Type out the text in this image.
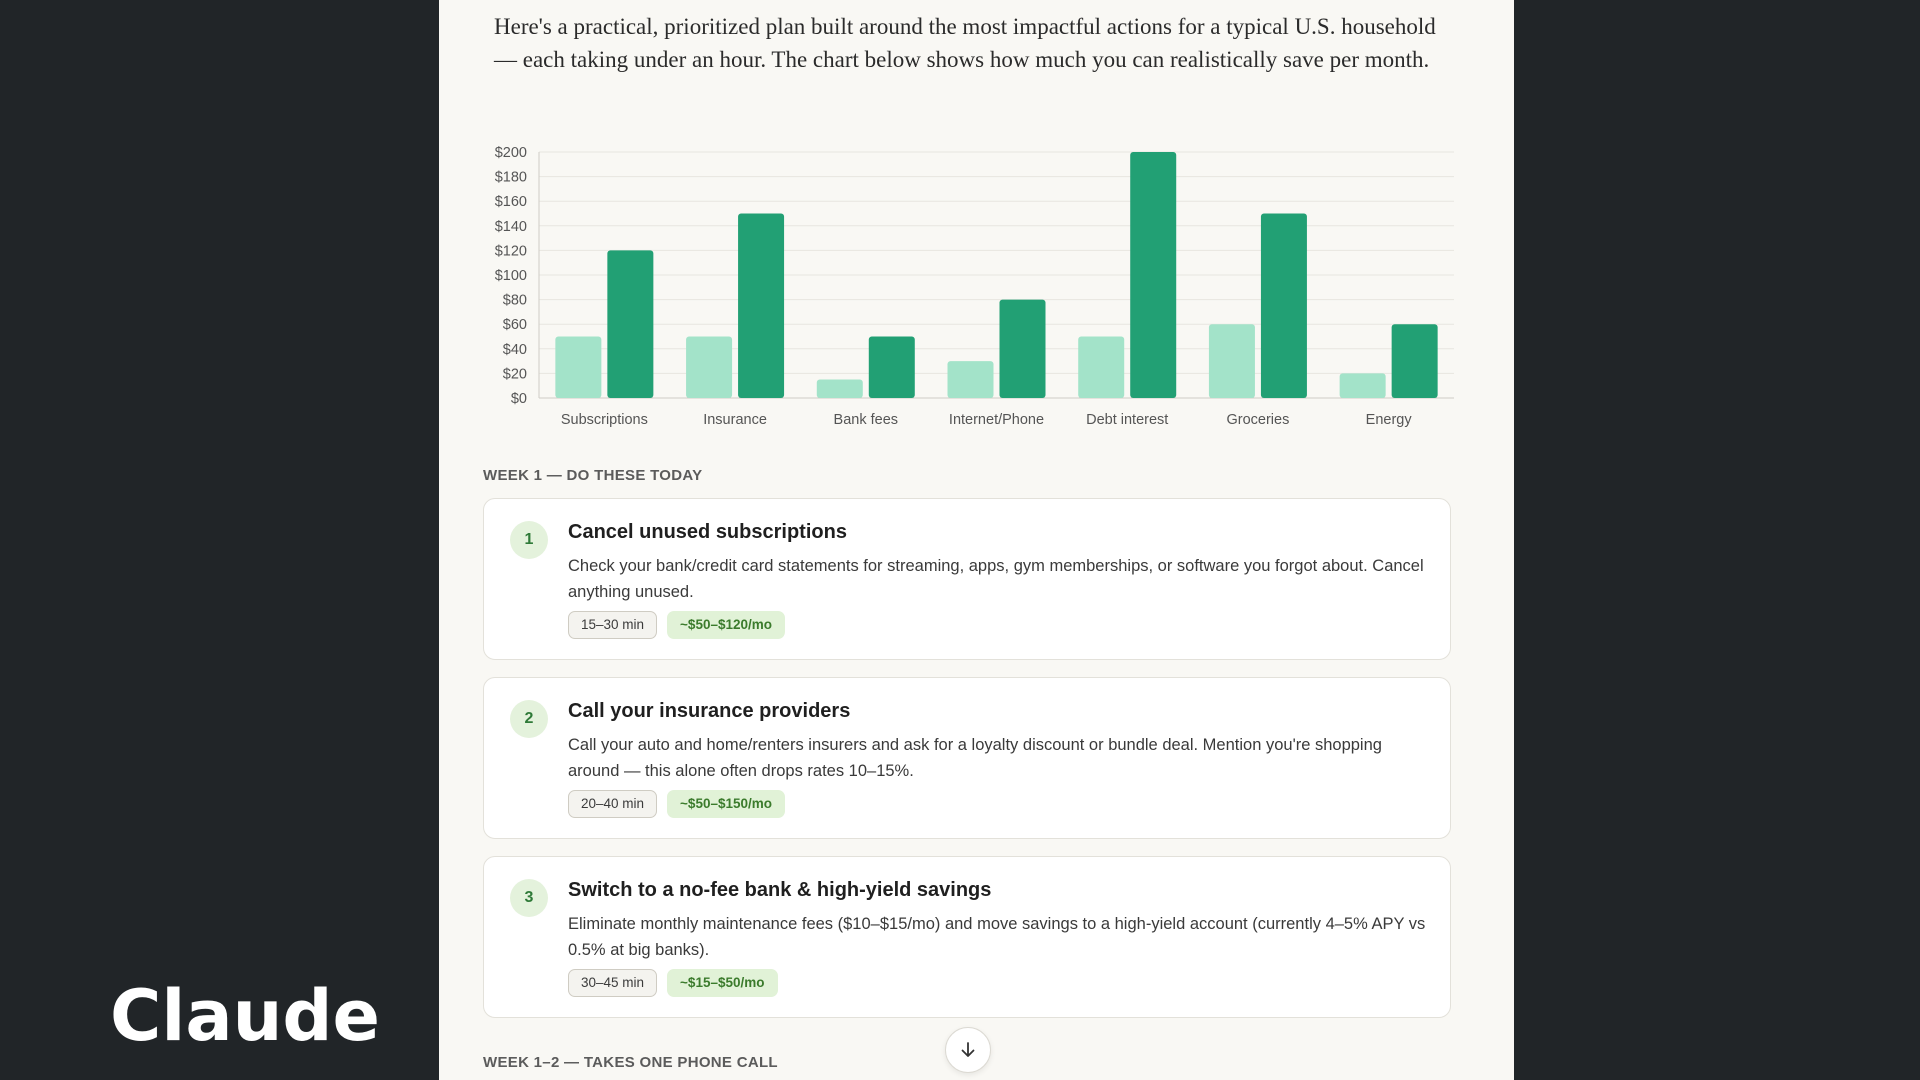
Claude
Here's a practical, prioritized plan built around the most impactful actions for a typical U.S. household — each taking under an hour. The chart below shows how much you can realistically save per month.
$0
$20
$40
$60
$80
$100
$120
$140
$160
$180
$200
Subscriptions	Insurance	Bank fees	Internet/Phone	Debt interest	Groceries	Energy
WEEK 1 — DO THESE TODAY
1	Cancel unused subscriptions
Check your bank/credit card statements for streaming, apps, gym memberships, or software you forgot about. Cancel anything unused.
15–30 min	~$50–$120/mo
2	Call your insurance providers
Call your auto and home/renters insurers and ask for a loyalty discount or bundle deal. Mention you're shopping around — this alone often drops rates 10–15%.
20–40 min	~$50–$150/mo
3	Switch to a no-fee bank & high-yield savings
Eliminate monthly maintenance fees ($10–$15/mo) and move savings to a high-yield account (currently 4–5% APY vs 0.5% at big banks).
30–45 min	~$15–$50/mo
WEEK 1–2 — TAKES ONE PHONE CALL
